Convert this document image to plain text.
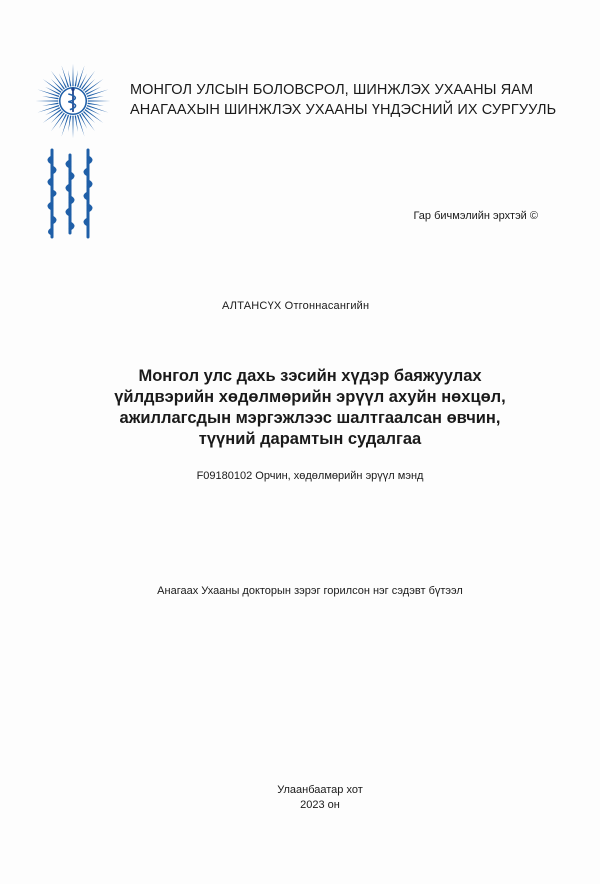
МОНГОЛ УЛСЫН БОЛОВСРОЛ, ШИНЖЛЭХ УХААНЫ ЯАМ
АНАГААХЫН ШИНЖЛЭХ УХААНЫ ҮНДЭСНИЙ ИХ СУРГУУЛЬ
Гар бичмэлийн эрхтэй ©
АЛТАНСҮХ Отгоннасангийн
Монгол улс дахь зэсийн хүдэр баяжуулах
үйлдвэрийн хөдөлмөрийн эрүүл ахуйн нөхцөл,
ажиллагсдын мэргэжлээс шалтгаалсан өвчин,
түүний дарамтын судалгаа
F09180102 Орчин, хөдөлмөрийн эрүүл мэнд
Анагаах Ухааны докторын зэрэг горилсон нэг сэдэвт бүтээл
Улаанбаатар хот
2023 он
